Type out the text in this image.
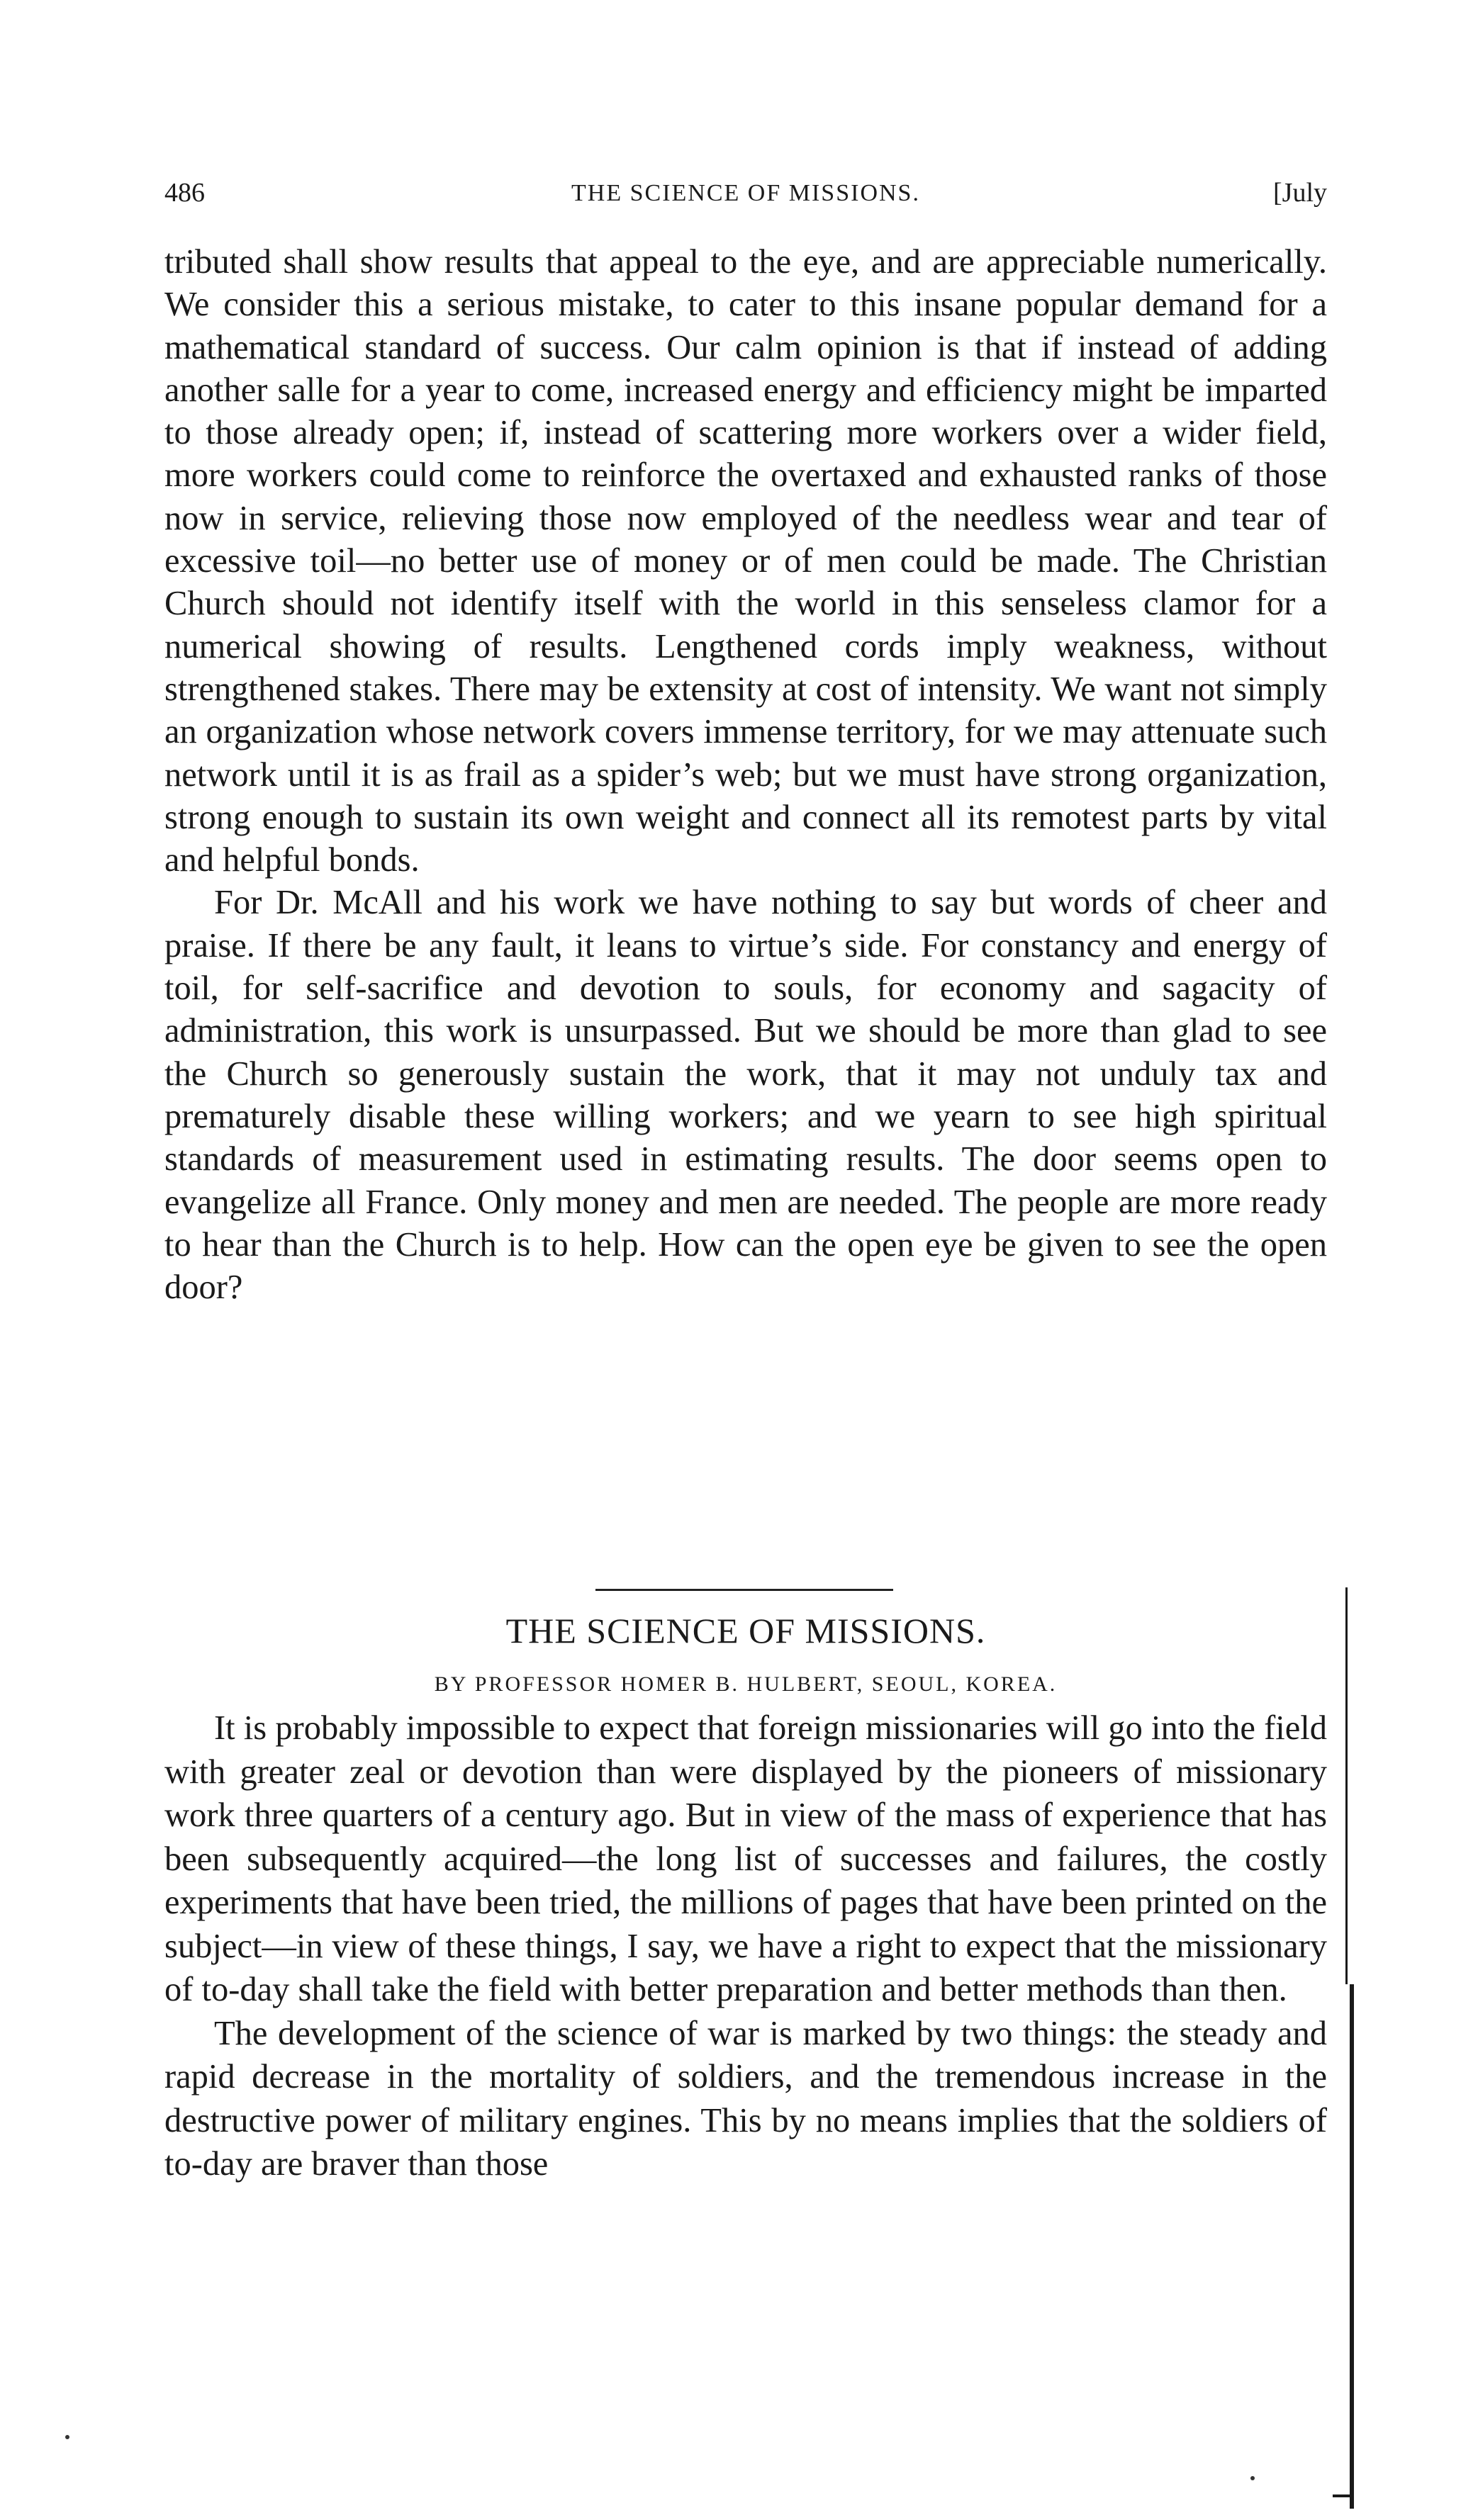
486	THE SCIENCE OF MISSIONS.	[July

tributed shall show results that appeal to the eye, and are appreciable numerically. We consider this a serious mistake, to cater to this insane popular demand for a mathematical standard of success. Our calm opinion is that if instead of adding another salle for a year to come, increased energy and efficiency might be imparted to those already open; if, instead of scattering more workers over a wider field, more workers could come to reinforce the overtaxed and exhausted ranks of those now in service, relieving those now employed of the needless wear and tear of excessive toil—no better use of money or of men could be made. The Christian Church should not identify itself with the world in this senseless clamor for a numerical showing of results. Lengthened cords imply weakness, without strengthened stakes. There may be extensity at cost of intensity. We want not simply an organization whose network covers immense territory, for we may attenuate such network until it is as frail as a spider’s web; but we must have strong organization, strong enough to sustain its own weight and connect all its remotest parts by vital and helpful bonds.

For Dr. McAll and his work we have nothing to say but words of cheer and praise. If there be any fault, it leans to virtue’s side. For constancy and energy of toil, for self-sacrifice and devotion to souls, for economy and sagacity of administration, this work is unsurpassed. But we should be more than glad to see the Church so generously sustain the work, that it may not unduly tax and prematurely disable these willing workers; and we yearn to see high spiritual standards of measurement used in estimating results. The door seems open to evangelize all France. Only money and men are needed. The people are more ready to hear than the Church is to help. How can the open eye be given to see the open door?

THE SCIENCE OF MISSIONS.
BY PROFESSOR HOMER B. HULBERT, SEOUL, KOREA.

It is probably impossible to expect that foreign missionaries will go into the field with greater zeal or devotion than were displayed by the pioneers of missionary work three quarters of a century ago. But in view of the mass of experience that has been subsequently acquired—the long list of successes and failures, the costly experiments that have been tried, the millions of pages that have been printed on the subject—in view of these things, I say, we have a right to expect that the missionary of to-day shall take the field with better preparation and better methods than then.

The development of the science of war is marked by two things: the steady and rapid decrease in the mortality of soldiers, and the tremendous increase in the destructive power of military engines. This by no means implies that the soldiers of to-day are braver than those
